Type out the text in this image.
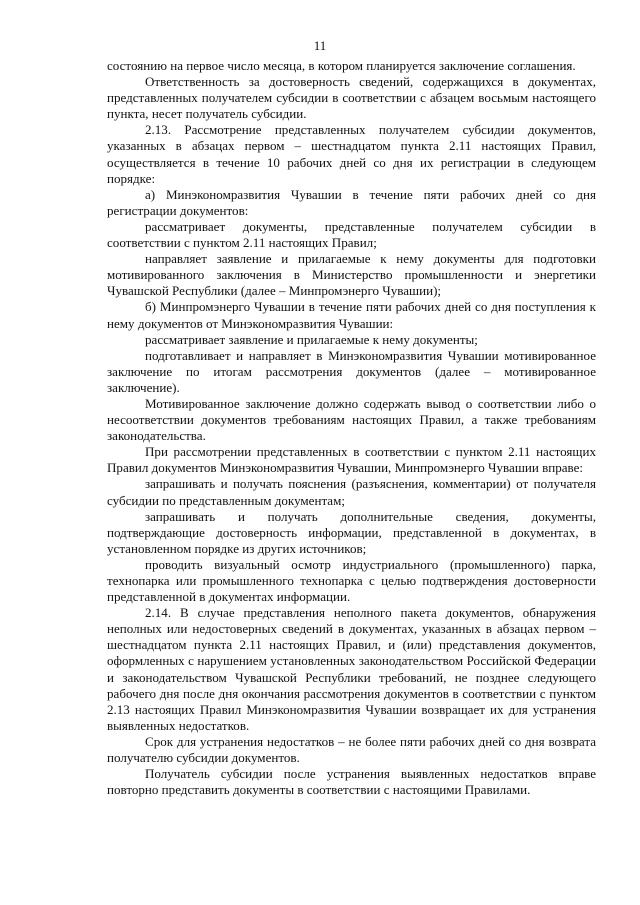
11

состоянию на первое число месяца, в котором планируется заключение соглашения.

Ответственность за достоверность сведений, содержащихся в документах, представленных получателем субсидии в соответствии с абзацем восьмым настоящего пункта, несет получатель субсидии.

2.13. Рассмотрение представленных получателем субсидии документов, указанных в абзацах первом – шестнадцатом пункта 2.11 настоящих Правил, осуществляется в течение 10 рабочих дней со дня их регистрации в следующем порядке:

а) Минэкономразвития Чувашии в течение пяти рабочих дней со дня регистрации документов:

рассматривает документы, представленные получателем субсидии в соответствии с пунктом 2.11 настоящих Правил;

направляет заявление и прилагаемые к нему документы для подготовки мотивированного заключения в Министерство промышленности и энергетики Чувашской Республики (далее – Минпромэнерго Чувашии);

б) Минпромэнерго Чувашии в течение пяти рабочих дней со дня поступления к нему документов от Минэкономразвития Чувашии:

рассматривает заявление и прилагаемые к нему документы;

подготавливает и направляет в Минэкономразвития Чувашии мотивированное заключение по итогам рассмотрения документов (далее – мотивированное заключение).

Мотивированное заключение должно содержать вывод о соответствии либо о несоответствии документов требованиям настоящих Правил, а также требованиям законодательства.

При рассмотрении представленных в соответствии с пунктом 2.11 настоящих Правил документов Минэкономразвития Чувашии, Минпромэнерго Чувашии вправе:

запрашивать и получать пояснения (разъяснения, комментарии) от получателя субсидии по представленным документам;

запрашивать и получать дополнительные сведения, документы, подтверждающие достоверность информации, представленной в документах, в установленном порядке из других источников;

проводить визуальный осмотр индустриального (промышленного) парка, технопарка или промышленного технопарка с целью подтверждения достоверности представленной в документах информации.

2.14. В случае представления неполного пакета документов, обнаружения неполных или недостоверных сведений в документах, указанных в абзацах первом – шестнадцатом пункта 2.11 настоящих Правил, и (или) представления документов, оформленных с нарушением установленных законодательством Российской Федерации и законодательством Чувашской Республики требований, не позднее следующего рабочего дня после дня окончания рассмотрения документов в соответствии с пунктом 2.13 настоящих Правил Минэкономразвития Чувашии возвращает их для устранения выявленных недостатков.

Срок для устранения недостатков – не более пяти рабочих дней со дня возврата получателю субсидии документов.

Получатель субсидии после устранения выявленных недостатков вправе повторно представить документы в соответствии с настоящими Правилами.
